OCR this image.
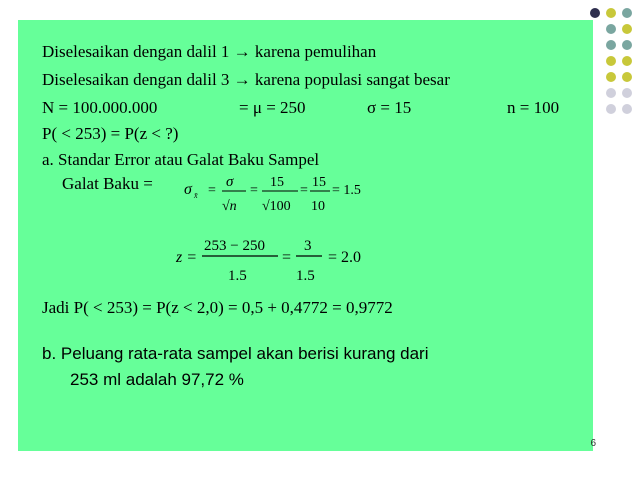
Diselesaikan dengan dalil 1 → karena pemulihan
Diselesaikan dengan dalil 3 → karena populasi sangat besar
N = 100.000.000	= μ = 250	σ = 15	n = 100
P( < 253) = P(z < ?)
a. Standar Error atau Galat Baku Sampel
Galat Baku = σ x̄ =
σ
√n
=
15
√100
=
15
10
= 1.5
z =
253 − 250
1.5
=
3
1.5
= 2.0
Jadi P( < 253) = P(z < 2,0) = 0,5 + 0,4772 = 0,9772
b. Peluang rata-rata sampel akan berisi kurang dari
253 ml adalah 97,72 %
6
